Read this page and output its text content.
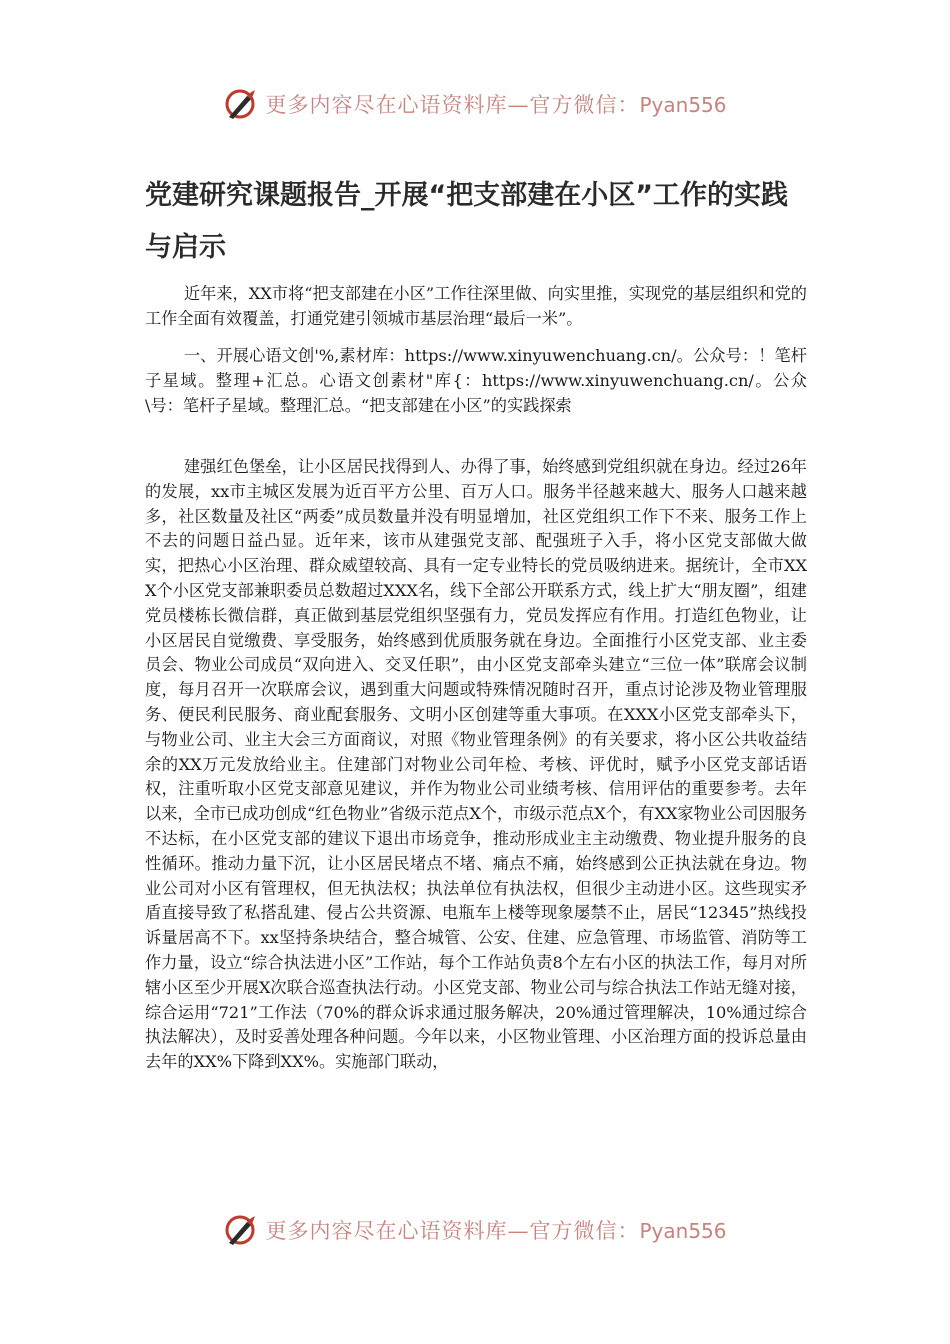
更多内容尽在心语资料库—官方微信：Pyan556
党建研究课题报告_开展“把支部建在小区”工作的实践与启示

近年来，XX市将“把支部建在小区”工作往深里做、向实里推，实现党的基层组织和党的工作全面有效覆盖，打通党建引领城市基层治理“最后一米”。

一、开展心语文创'%,素材库：https://www.xinyuwenchuang.cn/。公众号：！笔杆子星域。整理+汇总。心语文创素材"库{：https://www.xinyuwenchuang.cn/。公众\号：笔杆子星域。整理汇总。“把支部建在小区”的实践探索

建强红色堡垒，让小区居民找得到人、办得了事，始终感到党组织就在身边。经过26年的发展，xx市主城区发展为近百平方公里、百万人口。服务半径越来越大、服务人口越来越多，社区数量及社区“两委”成员数量并没有明显增加，社区党组织工作下不来、服务工作上不去的问题日益凸显。近年来，该市从建强党支部、配强班子入手，将小区党支部做大做实，把热心小区治理、群众威望较高、具有一定专业特长的党员吸纳进来。据统计，全市XXX个小区党支部兼职委员总数超过XXX名，线下全部公开联系方式，线上扩大“朋友圈”，组建党员楼栋长微信群，真正做到基层党组织坚强有力，党员发挥应有作用。打造红色物业，让小区居民自觉缴费、享受服务，始终感到优质服务就在身边。全面推行小区党支部、业主委员会、物业公司成员“双向进入、交叉任职”，由小区党支部牵头建立“三位一体”联席会议制度，每月召开一次联席会议，遇到重大问题或特殊情况随时召开，重点讨论涉及物业管理服务、便民利民服务、商业配套服务、文明小区创建等重大事项。在XXX小区党支部牵头下，与物业公司、业主大会三方面商议，对照《物业管理条例》的有关要求，将小区公共收益结余的XX万元发放给业主。住建部门对物业公司年检、考核、评优时，赋予小区党支部话语权，注重听取小区党支部意见建议，并作为物业公司业绩考核、信用评估的重要参考。去年以来，全市已成功创成“红色物业”省级示范点X个，市级示范点X个，有XX家物业公司因服务不达标，在小区党支部的建议下退出市场竞争，推动形成业主主动缴费、物业提升服务的良性循环。推动力量下沉，让小区居民堵点不堵、痛点不痛，始终感到公正执法就在身边。物业公司对小区有管理权，但无执法权；执法单位有执法权，但很少主动进小区。这些现实矛盾直接导致了私搭乱建、侵占公共资源、电瓶车上楼等现象屡禁不止，居民“12345”热线投诉量居高不下。xx坚持条块结合，整合城管、公安、住建、应急管理、市场监管、消防等工作力量，设立“综合执法进小区”工作站，每个工作站负责8个左右小区的执法工作，每月对所辖小区至少开展X次联合巡查执法行动。小区党支部、物业公司与综合执法工作站无缝对接，综合运用“721”工作法（70%的群众诉求通过服务解决，20%通过管理解决，10%通过综合执法解决），及时妥善处理各种问题。今年以来，小区物业管理、小区治理方面的投诉总量由去年的XX%下降到XX%。实施部门联动，

更多内容尽在心语资料库—官方微信：Pyan556
